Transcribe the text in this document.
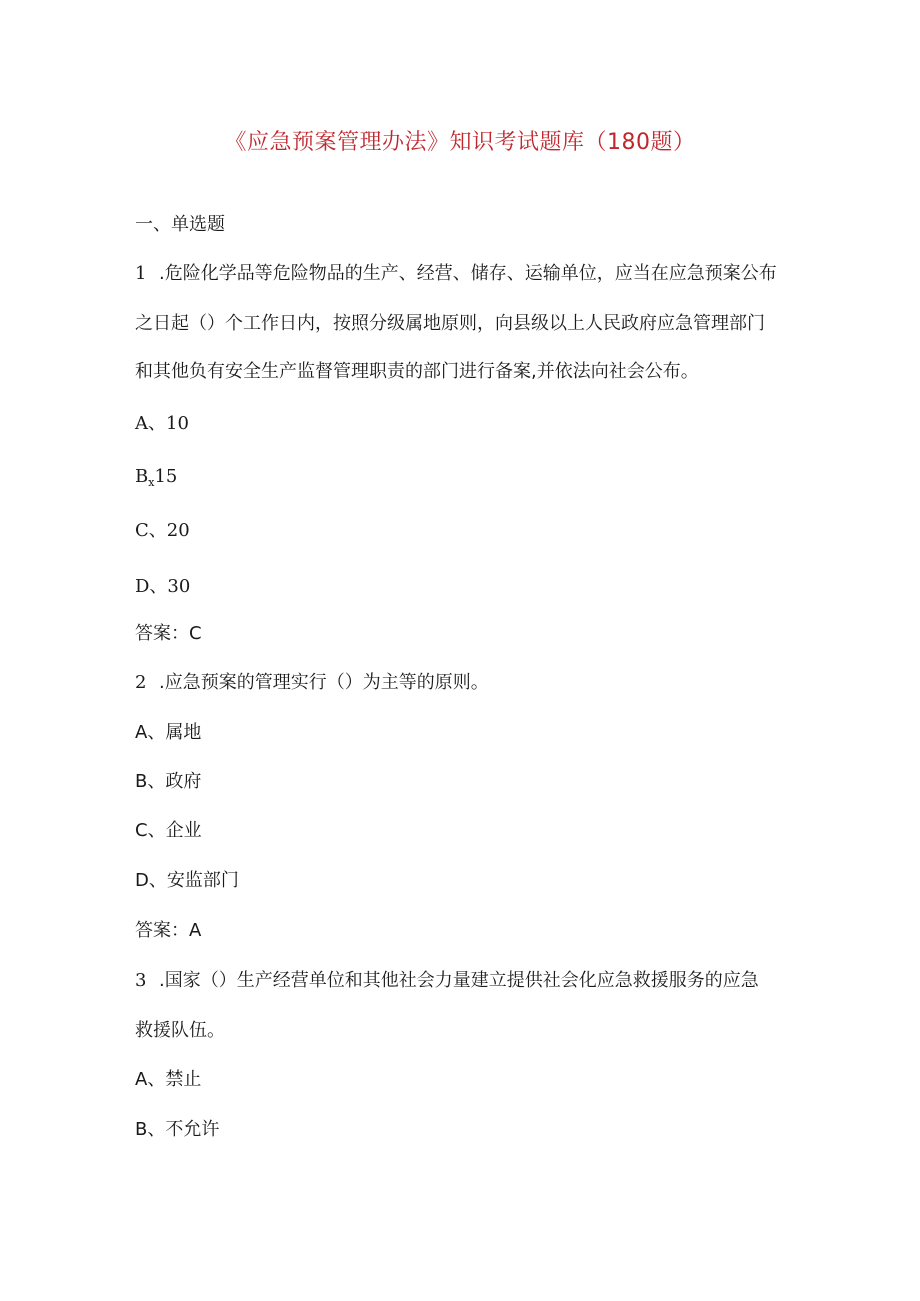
《应急预案管理办法》知识考试题库（180题）
一、单选题
1 .危险化学品等危险物品的生产、经营、储存、运输单位，应当在应急预案公布
之日起（）个工作日内，按照分级属地原则，向县级以上人民政府应急管理部门
和其他负有安全生产监督管理职责的部门进行备案,并依法向社会公布。
A、10
$B_x15$
C、20
D、30
答案：C
2 .应急预案的管理实行（）为主等的原则。
A、属地
B、政府
C、企业
D、安监部门
答案：A
3 .国家（）生产经营单位和其他社会力量建立提供社会化应急救援服务的应急
救援队伍。
A、禁止
B、不允许
